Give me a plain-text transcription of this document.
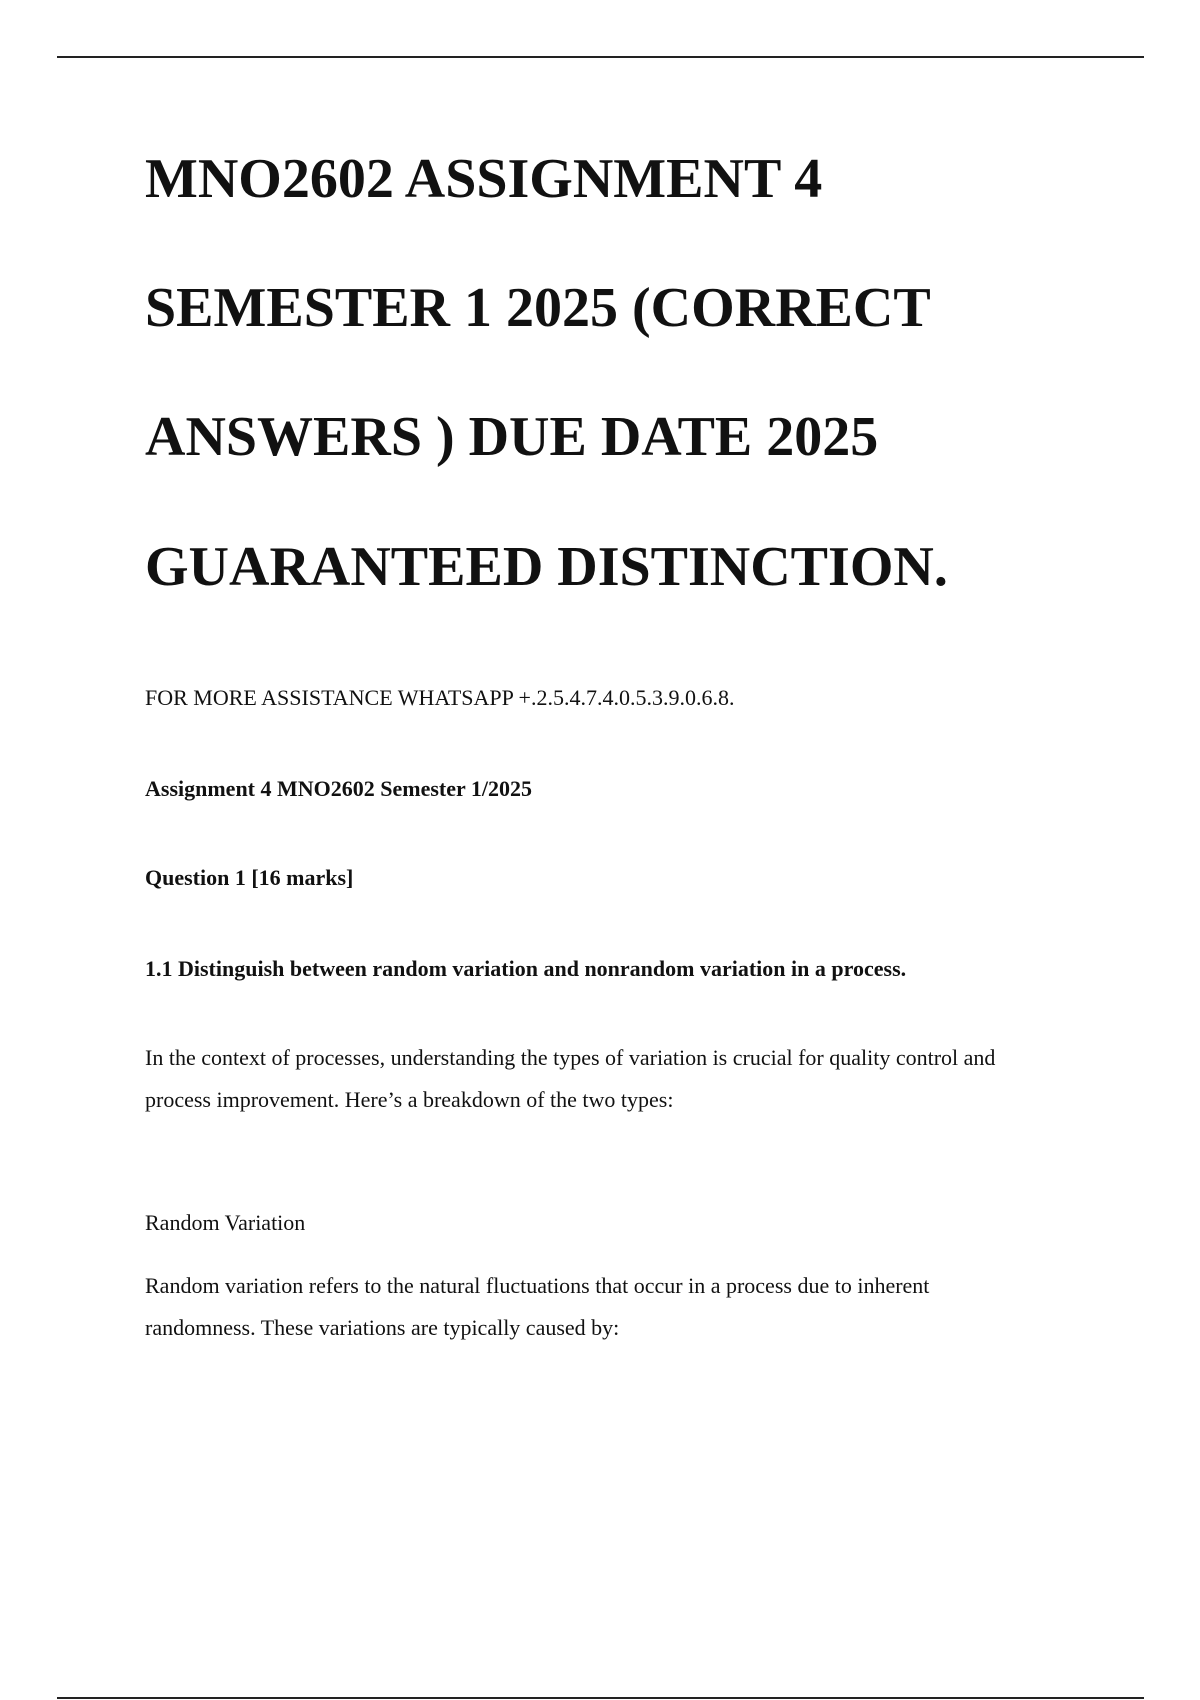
MNO2602 ASSIGNMENT 4
SEMESTER 1 2025 (CORRECT
ANSWERS ) DUE DATE 2025
GUARANTEED DISTINCTION.
FOR MORE ASSISTANCE WHATSAPP +.2.5.4.7.4.0.5.3.9.0.6.8.
Assignment 4 MNO2602 Semester 1/2025
Question 1 [16 marks]
1.1 Distinguish between random variation and nonrandom variation in a process.
In the context of processes, understanding the types of variation is crucial for quality control and
process improvement. Here’s a breakdown of the two types:
Random Variation
Random variation refers to the natural fluctuations that occur in a process due to inherent
randomness. These variations are typically caused by:
